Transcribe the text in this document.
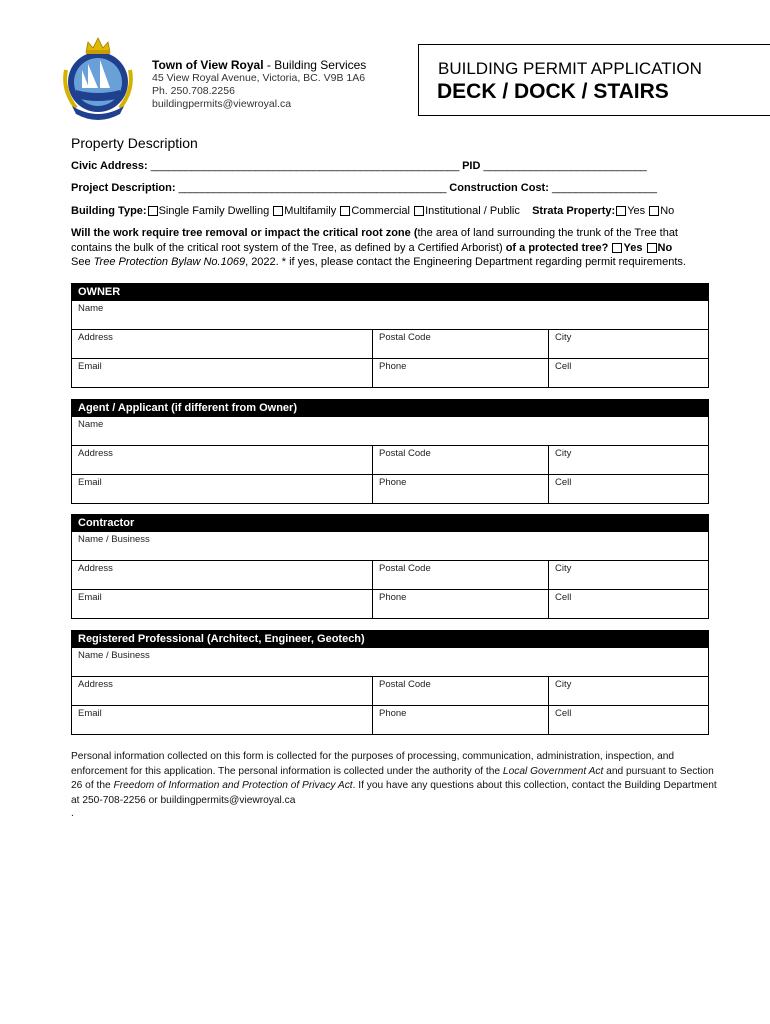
Town of View Royal - Building Services
45 View Royal Avenue, Victoria, BC. V9B 1A6
Ph. 250.708.2256
buildingpermits@viewroyal.ca
BUILDING PERMIT APPLICATION
DECK / DOCK / STAIRS
Property Description
Civic Address: _____________________________________________________ PID ____________________________
Project Description: ______________________________________________ Construction Cost: __________________
Building Type: Single Family Dwelling Multifamily Commercial Institutional / Public Strata Property: Yes No
Will the work require tree removal or impact the critical root zone (the area of land surrounding the trunk of the Tree that contains the bulk of the critical root system of the Tree, as defined by a Certified Arborist) of a protected tree? Yes No
See Tree Protection Bylaw No.1069, 2022. * if yes, please contact the Engineering Department regarding permit requirements.
OWNER
Name
Address	Postal Code	City
Email	Phone	Cell
Agent / Applicant (if different from Owner)
Name
Address	Postal Code	City
Email	Phone	Cell
Contractor
Name / Business
Address	Postal Code	City
Email	Phone	Cell
Registered Professional (Architect, Engineer, Geotech)
Name / Business
Address	Postal Code	City
Email	Phone	Cell
Personal information collected on this form is collected for the purposes of processing, communication, administration, inspection, and enforcement for this application. The personal information is collected under the authority of the Local Government Act and pursuant to Section 26 of the Freedom of Information and Protection of Privacy Act. If you have any questions about this collection, contact the Building Department at 250-708-2256 or buildingpermits@viewroyal.ca
.
